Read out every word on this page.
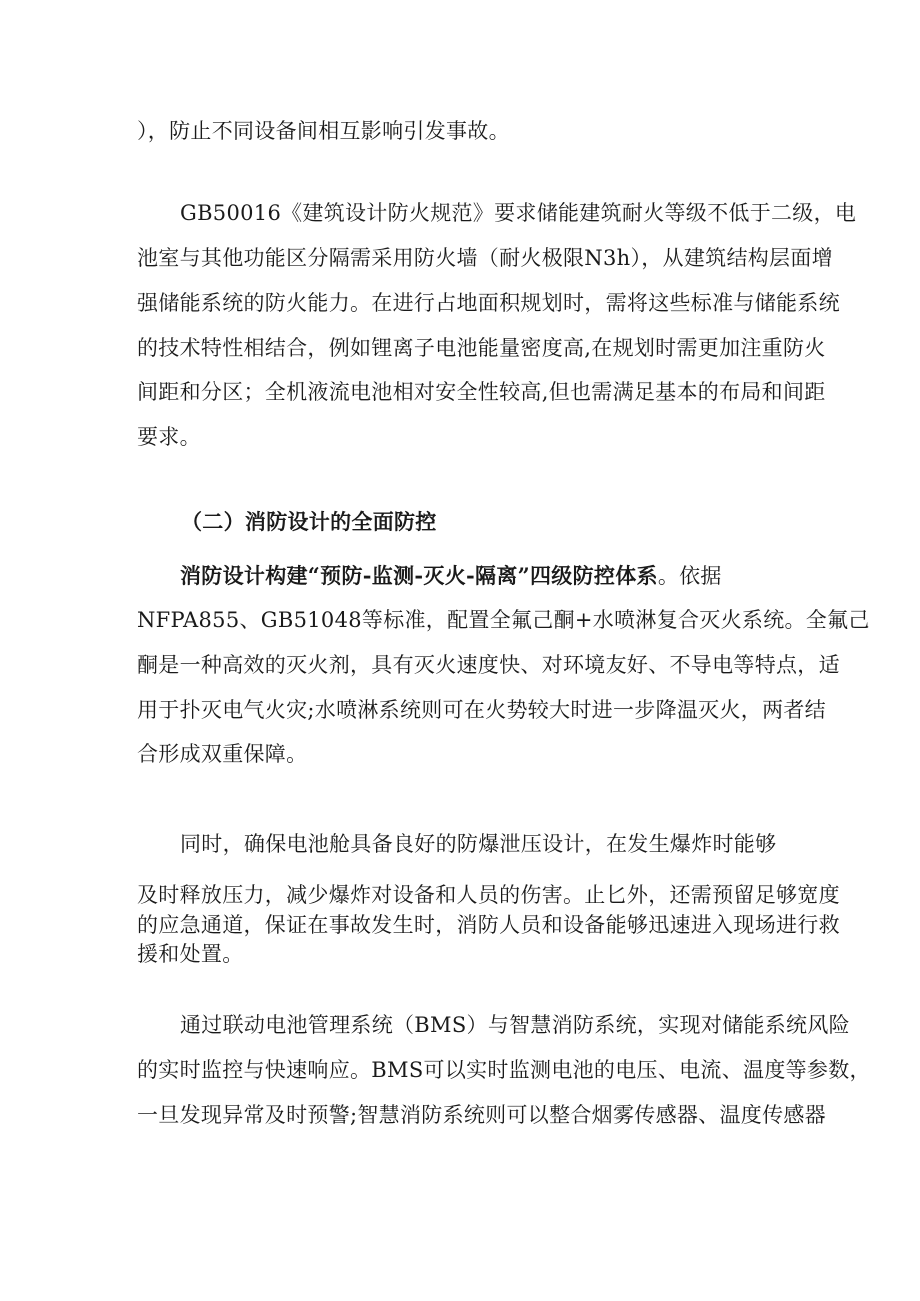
），防止不同设备间相互影响引发事故。
GB50016《建筑设计防火规范》要求储能建筑耐火等级不低于二级，电
池室与其他功能区分隔需采用防火墙（耐火极限N3h），从建筑结构层面增
强储能系统的防火能力。在进行占地面积规划时，需将这些标准与储能系统
的技术特性相结合，例如锂离子电池能量密度高,在规划时需更加注重防火
间距和分区；全机液流电池相对安全性较高,但也需满足基本的布局和间距
要求。
（二）消防设计的全面防控
消防设计构建“预防-监测-灭火-隔离”四级防控体系。依据
NFPA855、GB51048等标准，配置全氟己酮+水喷淋复合灭火系统。全氟己
酮是一种高效的灭火剂，具有灭火速度快、对环境友好、不导电等特点，适
用于扑灭电气火灾;水喷淋系统则可在火势较大时进一步降温灭火，两者结
合形成双重保障。
同时，确保电池舱具备良好的防爆泄压设计，在发生爆炸时能够
及时释放压力，减少爆炸对设备和人员的伤害。止匕外，还需预留足够宽度
的应急通道，保证在事故发生时，消防人员和设备能够迅速进入现场进行救
援和处置。
通过联动电池管理系统（BMS）与智慧消防系统，实现对储能系统风险
的实时监控与快速响应。BMS可以实时监测电池的电压、电流、温度等参数，
一旦发现异常及时预警;智慧消防系统则可以整合烟雾传感器、温度传感器
